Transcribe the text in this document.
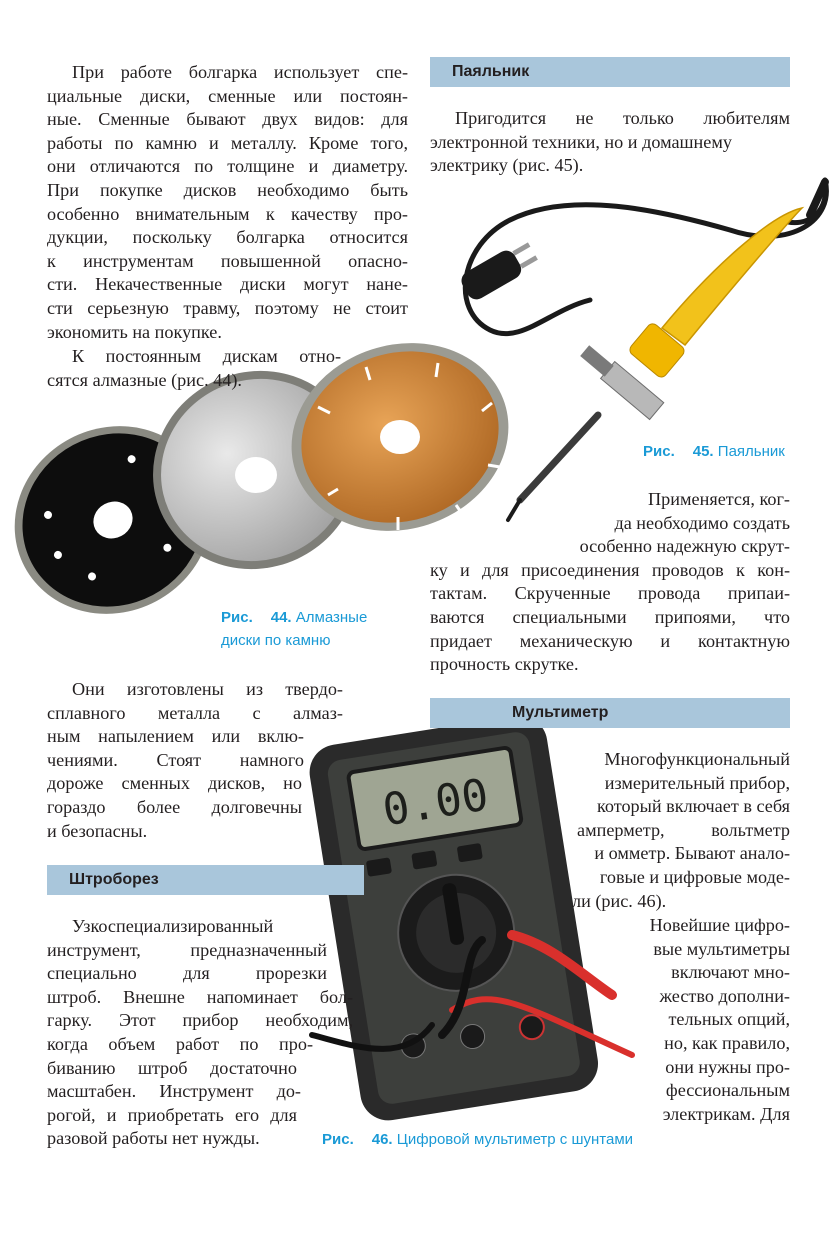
0.00
При работе болгарка использует спе-
циальные диски, сменные или постоян-
ные. Сменные бывают двух видов: для
работы по камню и металлу. Кроме того,
они отличаются по толщине и диаметру.
При покупке дисков необходимо быть
особенно внимательным к качеству про-
дукции, поскольку болгарка относится
к инструментам повышенной опасно-
сти. Некачественные диски могут нане-
сти серьезную травму, поэтому не стоит
экономить на покупке.
К постоянным дискам отно-
сятся алмазные (рис. 44).
Рис. 44. Алмазные
диски по камню
Они изготовлены из твердо-
сплавного металла с алмаз-
ным напылением или вклю-
чениями. Стоят намного
дороже сменных дисков, но
гораздо более долговечны
и безопасны.
Штроборез
Узкоспециализированный
инструмент, предназначенный
специально для прорезки
штроб. Внешне напоминает бол-
гарку. Этот прибор необходим,
когда объем работ по про-
биванию штроб достаточно
масштабен. Инструмент до-
рогой, и приобретать его для
разовой работы нет нужды.
Паяльник
Пригодится не только любителям
электронной техники, но и домашнему
электрику (рис. 45).
Рис. 45. Паяльник
Применяется, ког-
да необходимо создать
особенно надежную скрут-
ку и для присоединения проводов к кон-
тактам. Скрученные провода припаи-
ваются специальными припоями, что
придает механическую и контактную
прочность скрутке.
Мультиметр
Многофункциональный
измерительный прибор,
который включает в себя
амперметр, вольтметр
и омметр. Бывают анало-
говые и цифровые моде-
ли (рис. 46).
Новейшие цифро-
вые мультиметры
включают мно-
жество дополни-
тельных опций,
но, как правило,
они нужны про-
фессиональным
электрикам. Для
Рис. 46. Цифровой мультиметр с шунтами
